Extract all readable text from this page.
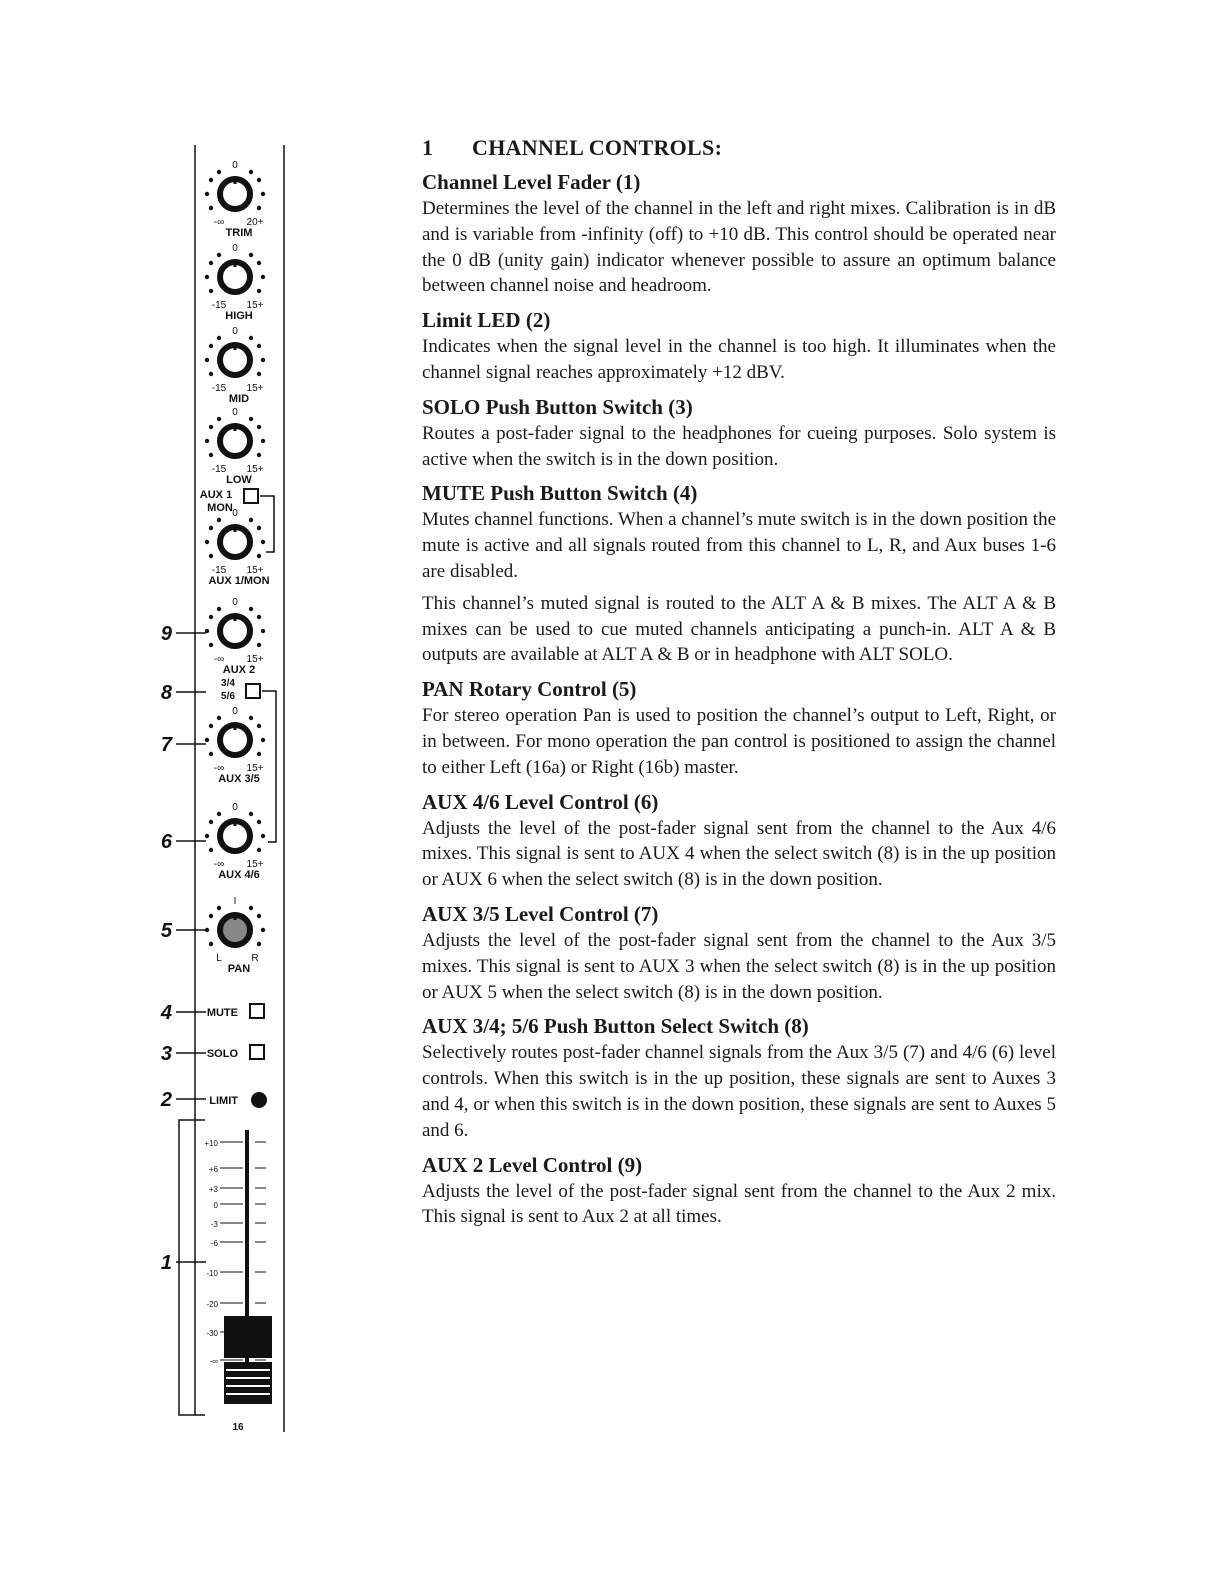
0
-∞ 20+
TRIM
0
-15 15+
HIGH
0
-15 15+
MID
0
-15 15+
LOW
0
-15 15+
AUX 1/MON
0
-∞ 15+
AUX 2
0
-∞ 15+
AUX 3/5
0
-∞ 15+
AUX 4/6
I
L	R
PAN
AUX 1
MON
3/4
5/6
MUTE
SOLO
LIMIT
+10
+6
+3
0
-3
-6
-10
-20
-30
-∞
16
9
8
7
6
5
4
3
2
1
1 CHANNEL CONTROLS:
Channel Level Fader (1)

Determines the level of the channel in the left and right mixes. Calibration is in dB and is variable from -infinity (off) to +10 dB. This control should be operated near the 0 dB (unity gain) indicator whenever possible to assure an optimum balance between channel noise and headroom.

Limit LED (2)

Indicates when the signal level in the channel is too high. It illuminates when the channel signal reaches approximately +12 dBV.

SOLO Push Button Switch (3)

Routes a post-fader signal to the headphones for cueing purposes. Solo system is active when the switch is in the down position.

MUTE Push Button Switch (4)

Mutes channel functions. When a channel’s mute switch is in the down position the mute is active and all signals routed from this channel to L, R, and Aux buses 1-6 are disabled.

This channel’s muted signal is routed to the ALT A & B mixes. The ALT A & B mixes can be used to cue muted channels anticipating a punch-in. ALT A & B outputs are available at ALT A & B or in headphone with ALT SOLO.

PAN Rotary Control (5)

For stereo operation Pan is used to position the channel’s output to Left, Right, or in between. For mono operation the pan control is positioned to assign the channel to either Left (16a) or Right (16b) master.

AUX 4/6 Level Control (6)

Adjusts the level of the post-fader signal sent from the channel to the Aux 4/6 mixes. This signal is sent to AUX 4 when the select switch (8) is in the up position or AUX 6 when the select switch (8) is in the down position.

AUX 3/5 Level Control (7)

Adjusts the level of the post-fader signal sent from the channel to the Aux 3/5 mixes. This signal is sent to AUX 3 when the select switch (8) is in the up position or AUX 5 when the select switch (8) is in the down position.

AUX 3/4; 5/6 Push Button Select Switch (8)

Selectively routes post-fader channel signals from the Aux 3/5 (7) and 4/6 (6) level controls. When this switch is in the up position, these signals are sent to Auxes 3 and 4, or when this switch is in the down position, these signals are sent to Auxes 5 and 6.

AUX 2 Level Control (9)

Adjusts the level of the post-fader signal sent from the channel to the Aux 2 mix. This signal is sent to Aux 2 at all times.
